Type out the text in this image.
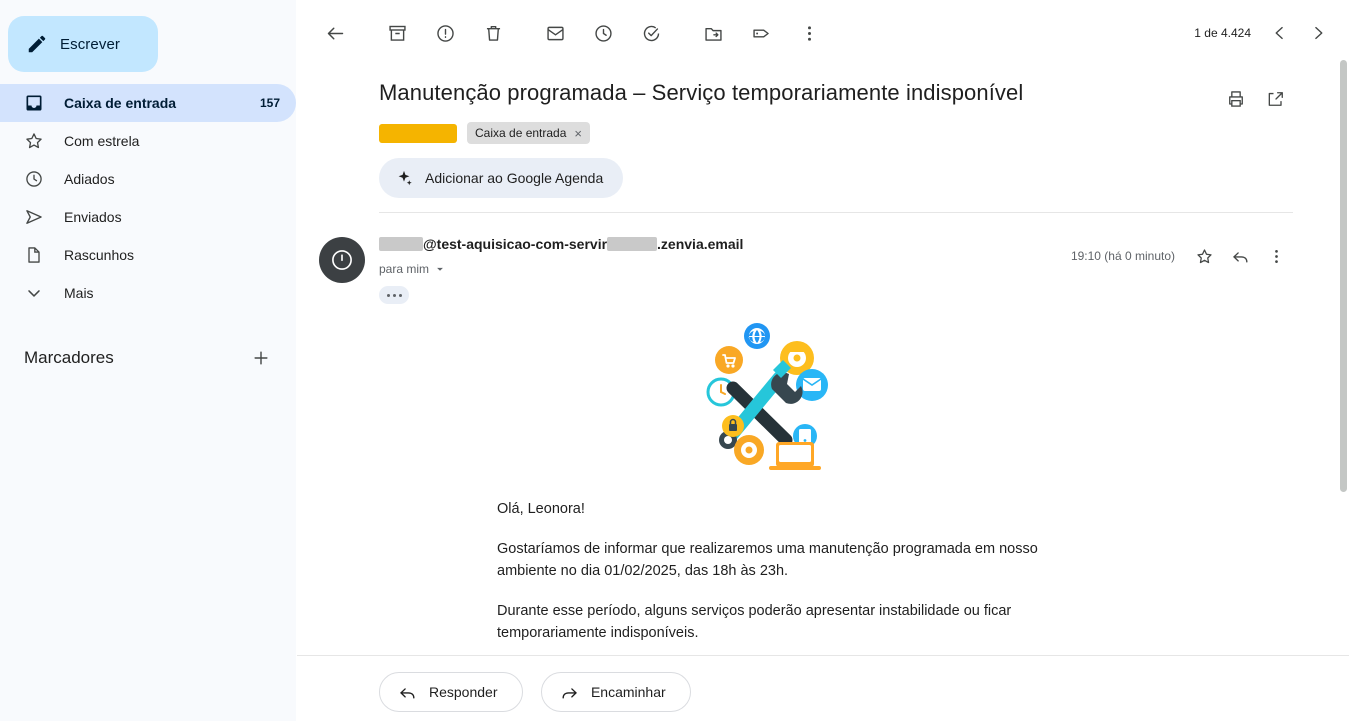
Escrever
Caixa de entrada	157
Com estrela
Adiados
Enviados
Rascunhos
Mais
Marcadores
1 de 4.424
Manutenção programada – Serviço temporariamente indisponível
Caixa de entrada ×
Adicionar ao Google Agenda
@test-aquisicao-com-servir	.zenvia.email
para mim
19:10 (há 0 minuto)

Olá, Leonora!

Gostaríamos de informar que realizaremos uma manutenção programada em nosso ambiente no dia 01/02/2025, das 18h às 23h.

Durante esse período, alguns serviços poderão apresentar instabilidade ou ficar temporariamente indisponíveis.

Responder
	Encaminhar
